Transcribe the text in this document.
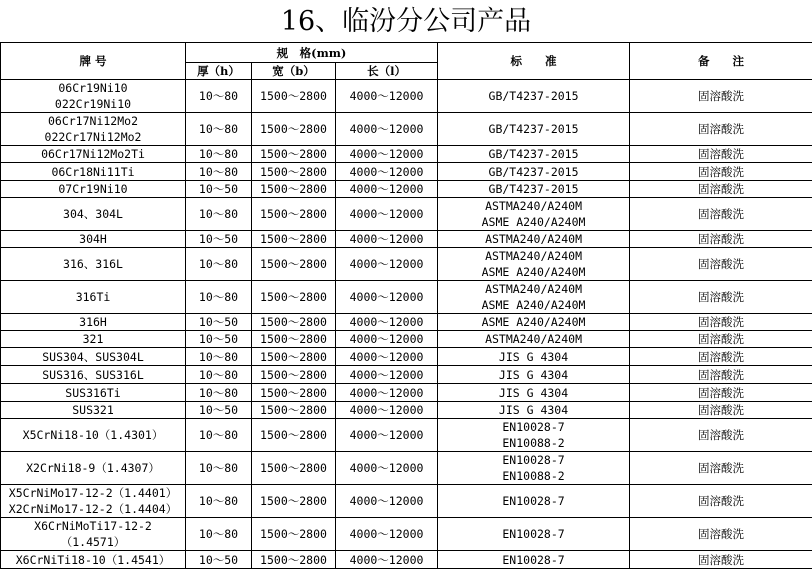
16、临汾分公司产品
牌 号	规　格(mm)			标　　准	备　　注
	厚（h）	宽（b）	长（l）		

06Cr19Ni10
022Cr19Ni10	10～80	1500～2800	4000～12000	GB/T4237-2015	固溶酸洗

06Cr17Ni12Mo2
022Cr17Ni12Mo2	10～80	1500～2800	4000～12000	GB/T4237-2015	固溶酸洗

06Cr17Ni12Mo2Ti	10～80	1500～2800	4000～12000	GB/T4237-2015	固溶酸洗

06Cr18Ni11Ti	10～80	1500～2800	4000～12000	GB/T4237-2015	固溶酸洗

07Cr19Ni10	10～50	1500～2800	4000～12000	GB/T4237-2015	固溶酸洗

304、304L	10～80	1500～2800	4000～12000	ASTMA240/A240M
ASME A240/A240M	固溶酸洗

304H	10～50	1500～2800	4000～12000	ASTMA240/A240M	固溶酸洗

316、316L	10～80	1500～2800	4000～12000	ASTMA240/A240M
ASME A240/A240M	固溶酸洗

316Ti	10～80	1500～2800	4000～12000	ASTMA240/A240M
ASME A240/A240M	固溶酸洗

316H	10～50	1500～2800	4000～12000	ASME A240/A240M	固溶酸洗

321	10～50	1500～2800	4000～12000	ASTMA240/A240M	固溶酸洗

SUS304、SUS304L	10～80	1500～2800	4000～12000	JIS G 4304	固溶酸洗

SUS316、SUS316L	10～80	1500～2800	4000～12000	JIS G 4304	固溶酸洗

SUS316Ti	10～80	1500～2800	4000～12000	JIS G 4304	固溶酸洗

SUS321	10～50	1500～2800	4000～12000	JIS G 4304	固溶酸洗

X5CrNi18-10（1.4301）	10～80	1500～2800	4000～12000	EN10028-7
EN10088-2	固溶酸洗

X2CrNi18-9（1.4307）	10～80	1500～2800	4000～12000	EN10028-7
EN10088-2	固溶酸洗

X5CrNiMo17-12-2（1.4401）
X2CrNiMo17-12-2（1.4404）	10～80	1500～2800	4000～12000	EN10028-7	固溶酸洗

X6CrNiMoTi17-12-2
（1.4571）	10～80	1500～2800	4000～12000	EN10028-7	固溶酸洗

X6CrNiTi18-10（1.4541）	10～50	1500～2800	4000～12000	EN10028-7	固溶酸洗
